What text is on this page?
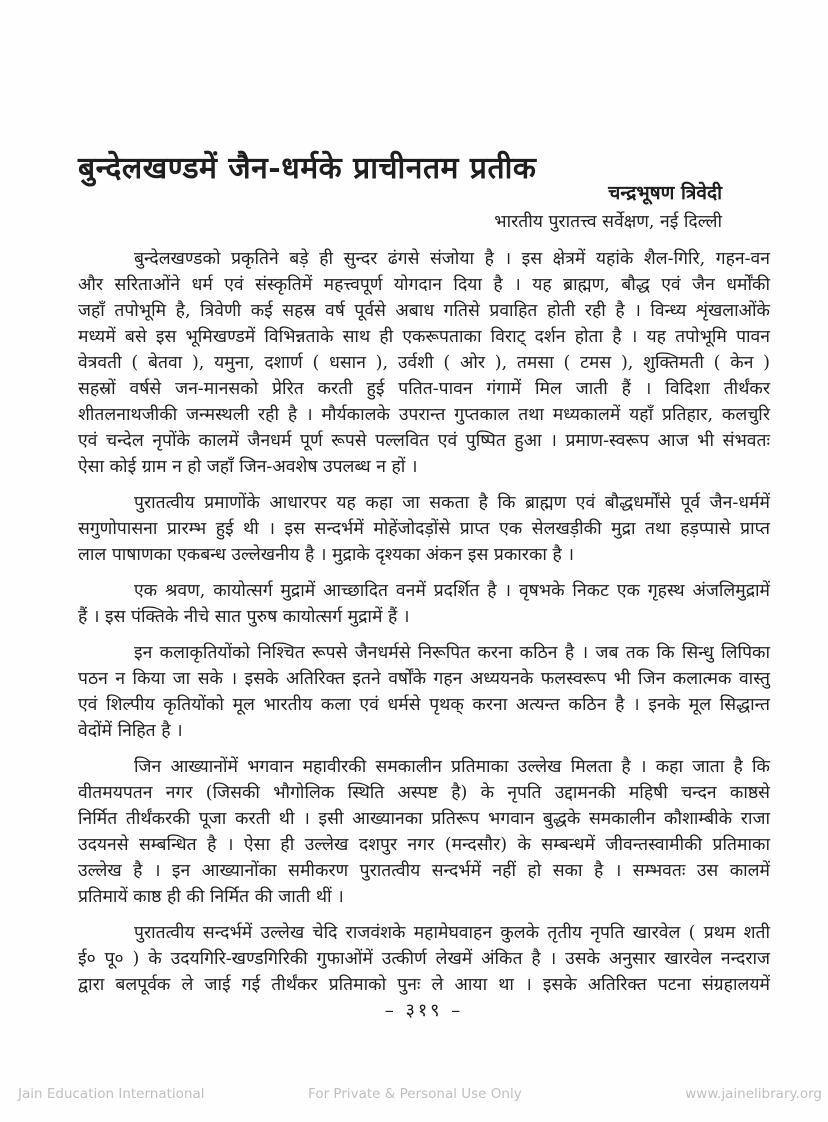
बुन्देलखण्डमें जैन-धर्मके प्राचीनतम प्रतीक
चन्द्रभूषण त्रिवेदी
भारतीय पुरातत्त्व सर्वेक्षण, नई दिल्ली
बुन्देलखण्डको प्रकृतिने बड़े ही सुन्दर ढंगसे संजोया है । इस क्षेत्रमें यहांके शैल-गिरि, गहन-वन
और सरिताओंने धर्म एवं संस्कृतिमें महत्त्वपूर्ण योगदान दिया है । यह ब्राह्मण, बौद्ध एवं जैन धर्मोंकी
जहाँ तपोभूमि है, त्रिवेणी कई सहस्र वर्ष पूर्वसे अबाध गतिसे प्रवाहित होती रही है । विन्ध्य शृंखलाओंके
मध्यमें बसे इस भूमिखण्डमें विभिन्नताके साथ ही एकरूपताका विराट् दर्शन होता है । यह तपोभूमि पावन
वेत्रवती ( बेतवा ), यमुना, दशार्ण ( धसान ), उर्वशी ( ओर ), तमसा ( टमस ), शुक्तिमती ( केन )
सहस्रों वर्षसे जन-मानसको प्रेरित करती हुई पतित-पावन गंगामें मिल जाती हैं । विदिशा तीर्थंकर
शीतलनाथजीकी जन्मस्थली रही है । मौर्यकालके उपरान्त गुप्तकाल तथा मध्यकालमें यहाँ प्रतिहार, कलचुरि
एवं चन्देल नृपोंके कालमें जैनधर्म पूर्ण रूपसे पल्लवित एवं पुष्पित हुआ । प्रमाण-स्वरूप आज भी संभवतः
ऐसा कोई ग्राम न हो जहाँ जिन-अवशेष उपलब्ध न हों ।
पुरातत्वीय प्रमाणोंके आधारपर यह कहा जा सकता है कि ब्राह्मण एवं बौद्धधर्मोंसे पूर्व जैन-धर्ममें
सगुणोपासना प्रारम्भ हुई थी । इस सन्दर्भमें मोहेंजोदड़ोंसे प्राप्त एक सेलखड़ीकी मुद्रा तथा हड़प्पासे प्राप्त
लाल पाषाणका एकबन्ध उल्लेखनीय है । मुद्राके दृश्यका अंकन इस प्रकारका है ।
एक श्रवण, कायोत्सर्ग मुद्रामें आच्छादित वनमें प्रदर्शित है । वृषभके निकट एक गृहस्थ अंजलिमुद्रामें
हैं । इस पंक्तिके नीचे सात पुरुष कायोत्सर्ग मुद्रामें हैं ।
इन कलाकृतियोंको निश्चित रूपसे जैनधर्मसे निरूपित करना कठिन है । जब तक कि सिन्धु लिपिका
पठन न किया जा सके । इसके अतिरिक्त इतने वर्षोंके गहन अध्ययनके फलस्वरूप भी जिन कलात्मक वास्तु
एवं शिल्पीय कृतियोंको मूल भारतीय कला एवं धर्मसे पृथक् करना अत्यन्त कठिन है । इनके मूल सिद्धान्त
वेदोंमें निहित है ।
जिन आख्यानोंमें भगवान महावीरकी समकालीन प्रतिमाका उल्लेख मिलता है । कहा जाता है कि
वीतमयपतन नगर (जिसकी भौगोलिक स्थिति अस्पष्ट है) के नृपति उद्दामनकी महिषी चन्दन काष्ठसे
निर्मित तीर्थंकरकी पूजा करती थी । इसी आख्यानका प्रतिरूप भगवान बुद्धके समकालीन कौशाम्बीके राजा
उदयनसे सम्बन्धित है । ऐसा ही उल्लेख दशपुर नगर (मन्दसौर) के सम्बन्धमें जीवन्तस्वामीकी प्रतिमाका
उल्लेख है । इन आख्यानोंका समीकरण पुरातत्वीय सन्दर्भमें नहीं हो सका है । सम्भवतः उस कालमें
प्रतिमायें काष्ठ ही की निर्मित की जाती थीं ।
पुरातत्वीय सन्दर्भमें उल्लेख चेदि राजवंशके महामेघवाहन कुलके तृतीय नृपति खारवेल ( प्रथम शती
ई० पू० ) के उदयगिरि-खण्डगिरिकी गुफाओंमें उत्कीर्ण लेखमें अंकित है । उसके अनुसार खारवेल नन्दराज
द्वारा बलपूर्वक ले जाई गई तीर्थंकर प्रतिमाको पुनः ले आया था । इसके अतिरिक्त पटना संग्रहालयमें
– ३१९ –
Jain Education International	For Private & Personal Use Only	www.jainelibrary.org
